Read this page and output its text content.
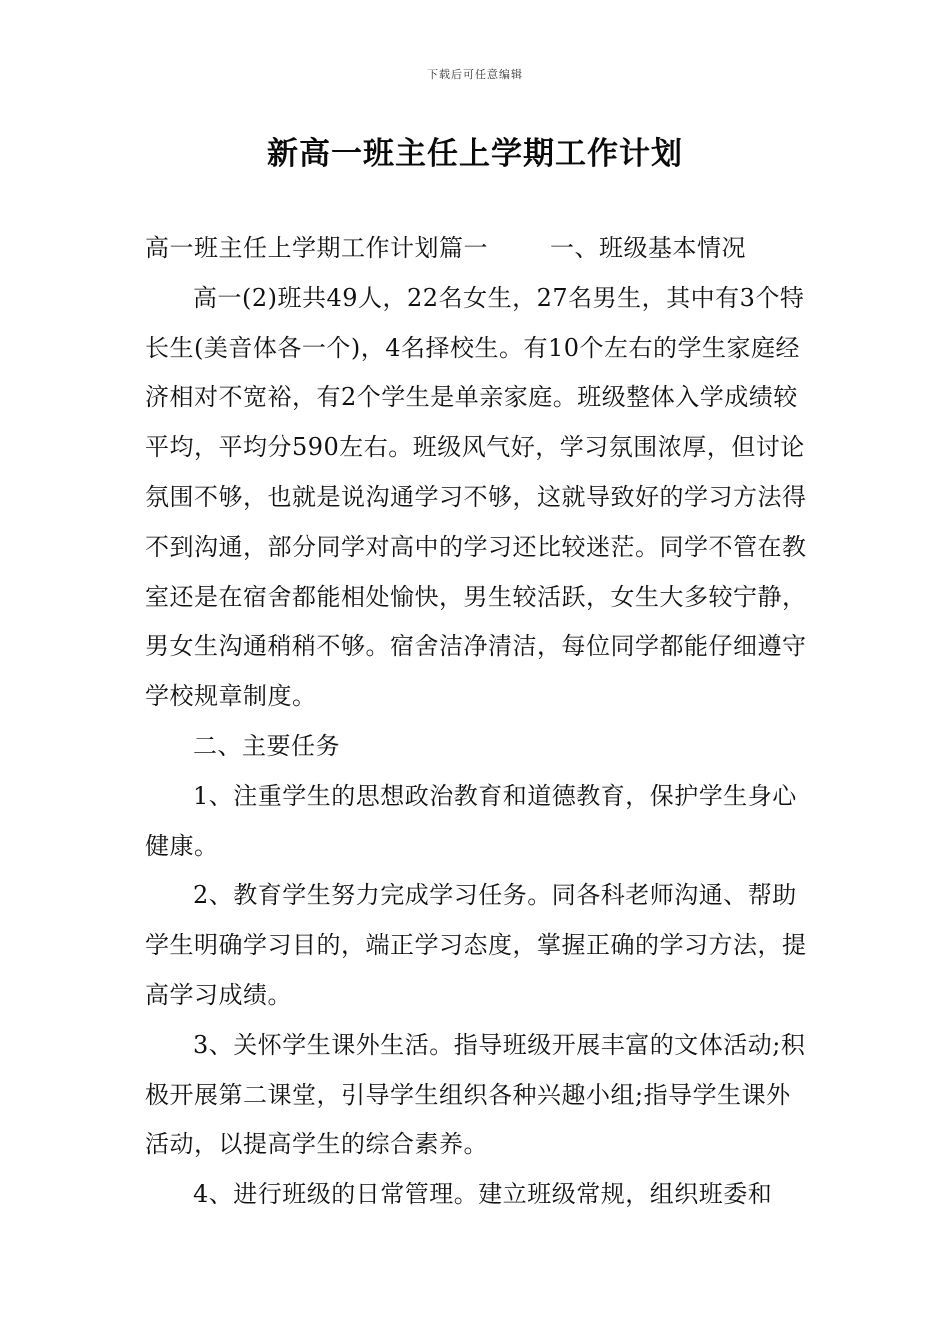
下载后可任意编辑
新高一班主任上学期工作计划

高一班主任上学期工作计划篇一	一、班级基本情况

高一(2)班共49人，22名女生，27名男生，其中有3个特长生(美音体各一个)，4名择校生。有10个左右的学生家庭经济相对不宽裕，有2个学生是单亲家庭。班级整体入学成绩较平均，平均分590左右。班级风气好，学习氛围浓厚，但讨论氛围不够，也就是说沟通学习不够，这就导致好的学习方法得不到沟通，部分同学对高中的学习还比较迷茫。同学不管在教室还是在宿舍都能相处愉快，男生较活跃，女生大多较宁静，男女生沟通稍稍不够。宿舍洁净清洁，每位同学都能仔细遵守学校规章制度。

二、主要任务

1、注重学生的思想政治教育和道德教育，保护学生身心健康。

2、教育学生努力完成学习任务。同各科老师沟通、帮助学生明确学习目的，端正学习态度，掌握正确的学习方法，提高学习成绩。

3、关怀学生课外生活。指导班级开展丰富的文体活动;积极开展第二课堂，引导学生组织各种兴趣小组;指导学生课外活动，以提高学生的综合素养。

4、进行班级的日常管理。建立班级常规，组织班委和
